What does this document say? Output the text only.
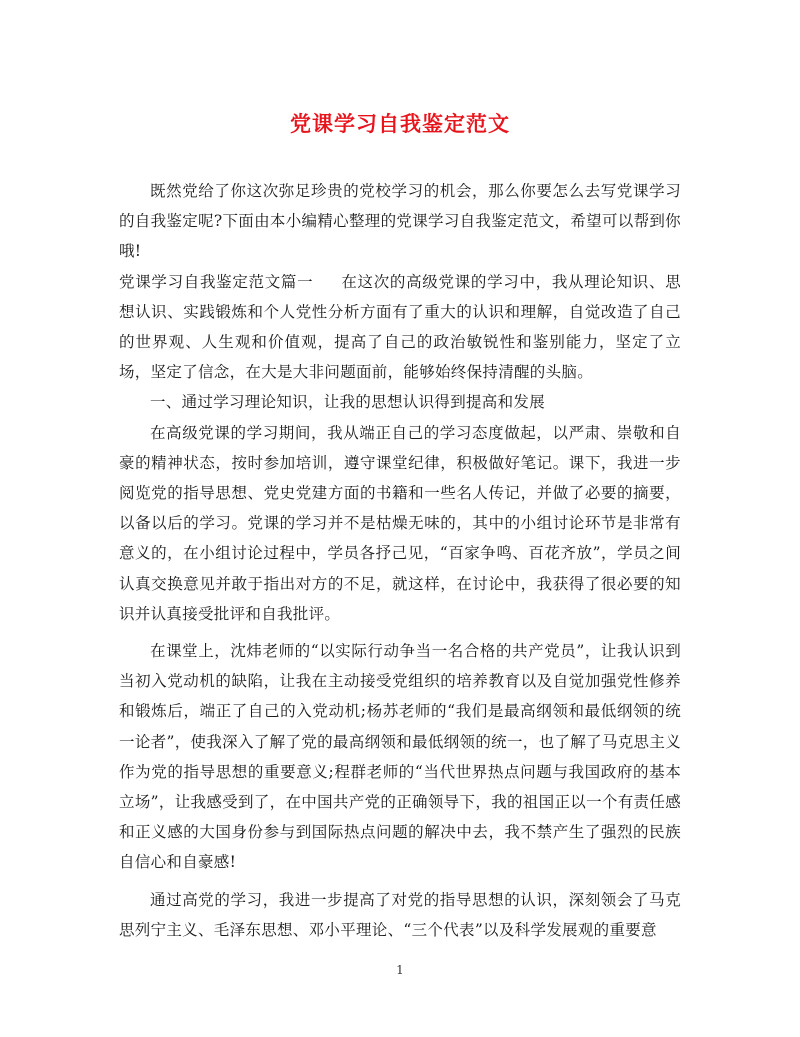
党课学习自我鉴定范文

既然党给了你这次弥足珍贵的党校学习的机会，那么你要怎么去写党课学习的自我鉴定呢?下面由本小编精心整理的党课学习自我鉴定范文，希望可以帮到你哦!

党课学习自我鉴定范文篇一 在这次的高级党课的学习中，我从理论知识、思想认识、实践锻炼和个人党性分析方面有了重大的认识和理解，自觉改造了自己的世界观、人生观和价值观，提高了自己的政治敏锐性和鉴别能力，坚定了立场，坚定了信念，在大是大非问题面前，能够始终保持清醒的头脑。

一、通过学习理论知识，让我的思想认识得到提高和发展

在高级党课的学习期间，我从端正自己的学习态度做起，以严肃、崇敬和自豪的精神状态，按时参加培训，遵守课堂纪律，积极做好笔记。课下，我进一步阅览党的指导思想、党史党建方面的书籍和一些名人传记，并做了必要的摘要，以备以后的学习。党课的学习并不是枯燥无味的，其中的小组讨论环节是非常有意义的，在小组讨论过程中，学员各抒己见，“百家争鸣、百花齐放”，学员之间认真交换意见并敢于指出对方的不足，就这样，在讨论中，我获得了很必要的知识并认真接受批评和自我批评。

在课堂上，沈炜老师的“以实际行动争当一名合格的共产党员”，让我认识到当初入党动机的缺陷，让我在主动接受党组织的培养教育以及自觉加强党性修养和锻炼后，端正了自己的入党动机;杨苏老师的“我们是最高纲领和最低纲领的统一论者”，使我深入了解了党的最高纲领和最低纲领的统一，也了解了马克思主义作为党的指导思想的重要意义;程群老师的“当代世界热点问题与我国政府的基本立场”，让我感受到了，在中国共产党的正确领导下，我的祖国正以一个有责任感和正义感的大国身份参与到国际热点问题的解决中去，我不禁产生了强烈的民族自信心和自豪感!

通过高党的学习，我进一步提高了对党的指导思想的认识，深刻领会了马克思列宁主义、毛泽东思想、邓小平理论、“三个代表”以及科学发展观的重要意

1
